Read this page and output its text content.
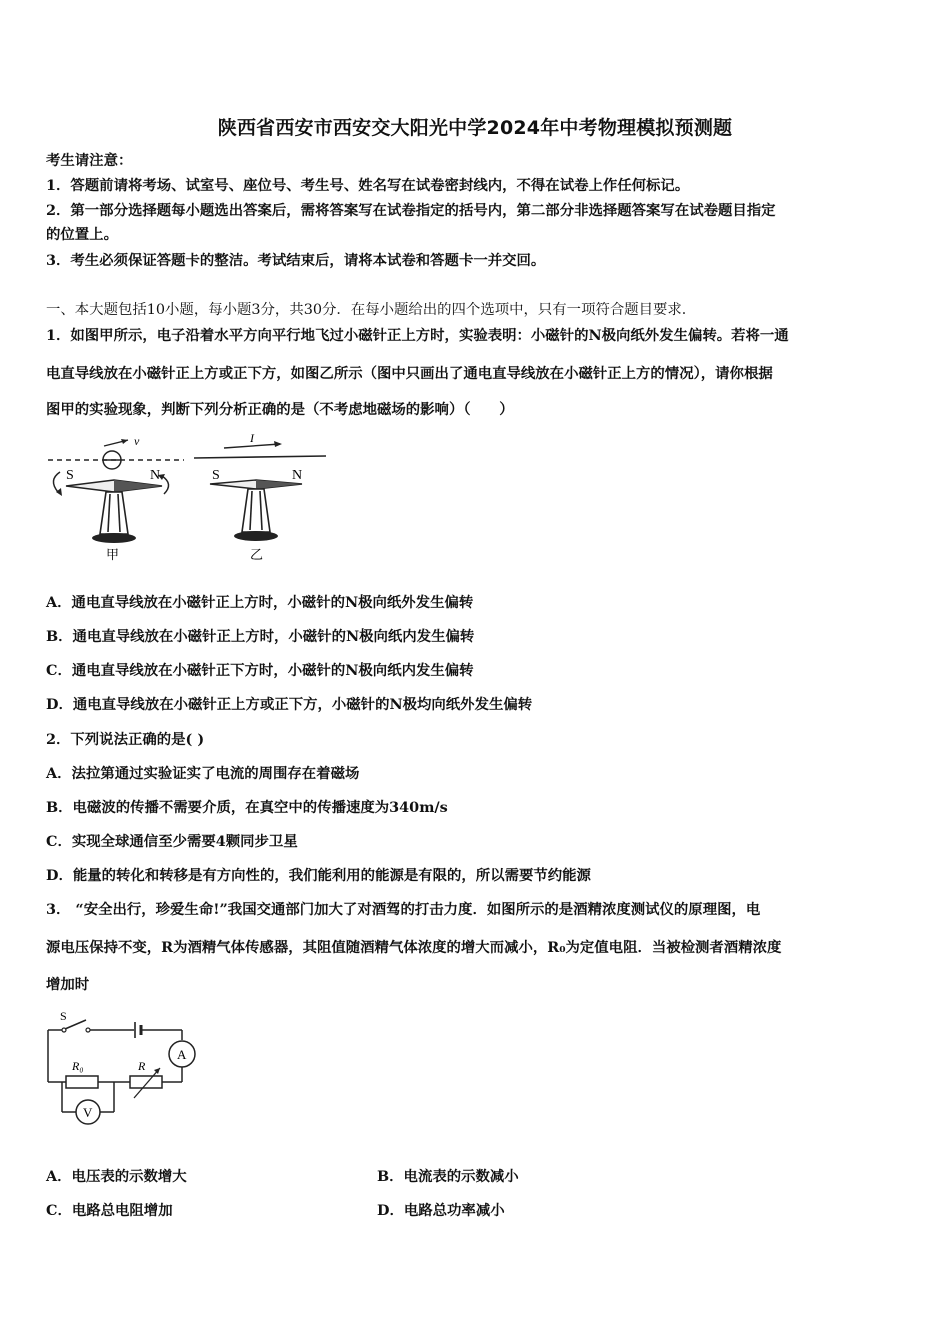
陕西省西安市西安交大阳光中学2024年中考物理模拟预测题
考生请注意：
1．答题前请将考场、试室号、座位号、考生号、姓名写在试卷密封线内，不得在试卷上作任何标记。
2．第一部分选择题每小题选出答案后，需将答案写在试卷指定的括号内，第二部分非选择题答案写在试卷题目指定
的位置上。
3．考生必须保证答题卡的整洁。考试结束后，请将本试卷和答题卡一并交回。
一、本大题包括10小题，每小题3分，共30分．在每小题给出的四个选项中，只有一项符合题目要求．
1．如图甲所示，电子沿着水平方向平行地飞过小磁针正上方时，实验表明：小磁针的N极向纸外发生偏转。若将一通
电直导线放在小磁针正上方或正下方，如图乙所示（图中只画出了通电直导线放在小磁针正上方的情况），请你根据
图甲的实验现象，判断下列分析正确的是（不考虑地磁场的影响）（　　）
v
S	N
甲
I
S	N
乙
A．通电直导线放在小磁针正上方时，小磁针的N极向纸外发生偏转
B．通电直导线放在小磁针正上方时，小磁针的N极向纸内发生偏转
C．通电直导线放在小磁针正下方时，小磁针的N极向纸内发生偏转
D．通电直导线放在小磁针正上方或正下方，小磁针的N极均向纸外发生偏转
2．下列说法正确的是( )
A．法拉第通过实验证实了电流的周围存在着磁场
B．电磁波的传播不需要介质，在真空中的传播速度为340m/s
C．实现全球通信至少需要4颗同步卫星
D．能量的转化和转移是有方向性的，我们能利用的能源是有限的，所以需要节约能源
3． “安全出行，珍爱生命!”我国交通部门加大了对酒驾的打击力度．如图所示的是酒精浓度测试仪的原理图，电
源电压保持不变，R为酒精气体传感器，其阻值随酒精气体浓度的增大而减小，R₀为定值电阻．当被检测者酒精浓度
增加时
S
A
R₀	R
V
A．电压表的示数增大	B．电流表的示数减小
C．电路总电阻增加	D．电路总功率减小
